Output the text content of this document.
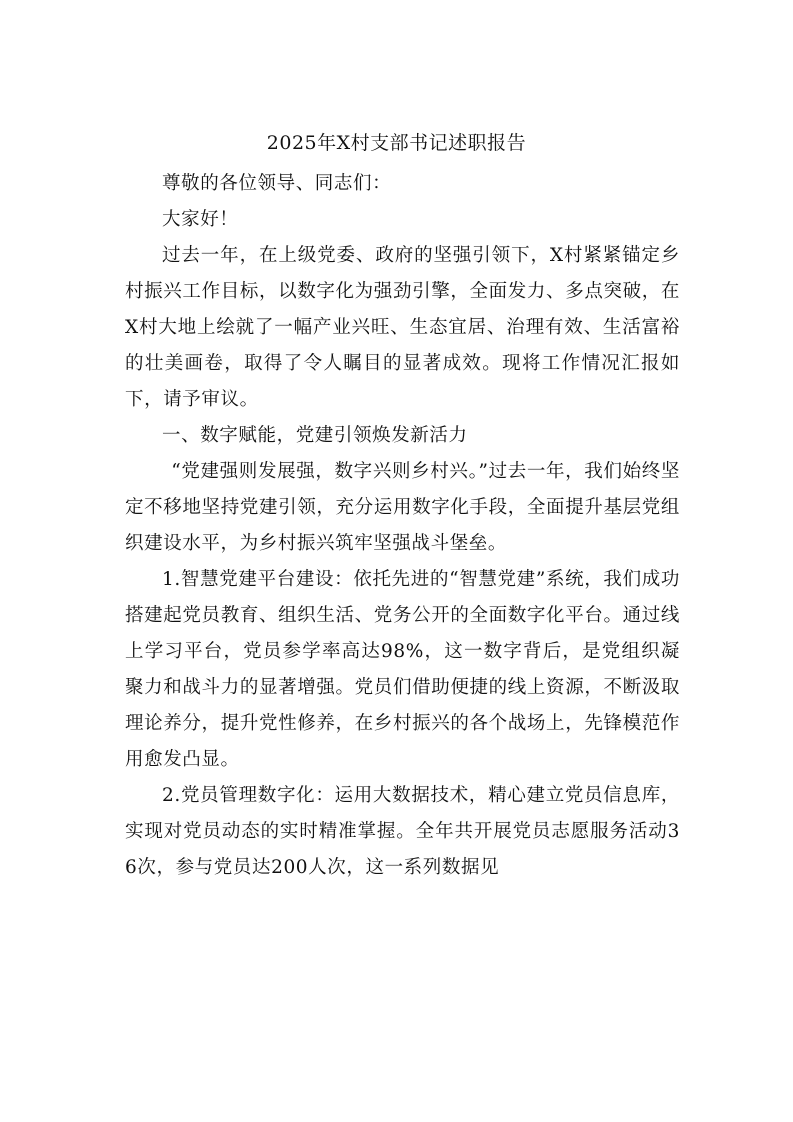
2025年X村支部书记述职报告

尊敬的各位领导、同志们：

大家好！

过去一年，在上级党委、政府的坚强引领下，X村紧紧锚定乡村振兴工作目标，以数字化为强劲引擎，全面发力、多点突破，在X村大地上绘就了一幅产业兴旺、生态宜居、治理有效、生活富裕的壮美画卷，取得了令人瞩目的显著成效。现将工作情况汇报如下，请予审议。

一、数字赋能，党建引领焕发新活力

“党建强则发展强，数字兴则乡村兴。”过去一年，我们始终坚定不移地坚持党建引领，充分运用数字化手段，全面提升基层党组织建设水平，为乡村振兴筑牢坚强战斗堡垒。

1.智慧党建平台建设：依托先进的“智慧党建”系统，我们成功搭建起党员教育、组织生活、党务公开的全面数字化平台。通过线上学习平台，党员参学率高达98%，这一数字背后，是党组织凝聚力和战斗力的显著增强。党员们借助便捷的线上资源，不断汲取理论养分，提升党性修养，在乡村振兴的各个战场上，先锋模范作用愈发凸显。

2.党员管理数字化：运用大数据技术，精心建立党员信息库，实现对党员动态的实时精准掌握。全年共开展党员志愿服务活动36次，参与党员达200人次，这一系列数据见
